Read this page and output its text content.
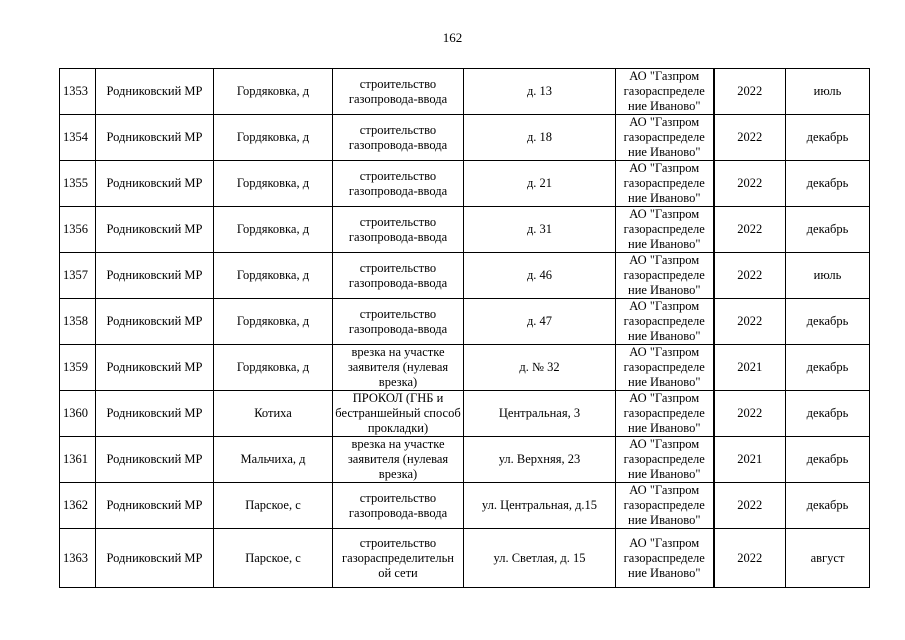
162
1353	Родниковский МР	Гордяковка, д	строительство газопровода-ввода	д. 13	АО "Газпром газораспределе ние Иваново"	2022	июль
1354	Родниковский МР	Гордяковка, д	строительство газопровода-ввода	д. 18	АО "Газпром газораспределе ние Иваново"	2022	декабрь
1355	Родниковский МР	Гордяковка, д	строительство газопровода-ввода	д. 21	АО "Газпром газораспределе ние Иваново"	2022	декабрь
1356	Родниковский МР	Гордяковка, д	строительство газопровода-ввода	д. 31	АО "Газпром газораспределе ние Иваново"	2022	декабрь
1357	Родниковский МР	Гордяковка, д	строительство газопровода-ввода	д. 46	АО "Газпром газораспределе ние Иваново"	2022	июль
1358	Родниковский МР	Гордяковка, д	строительство газопровода-ввода	д. 47	АО "Газпром газораспределе ние Иваново"	2022	декабрь
1359	Родниковский МР	Гордяковка, д	врезка на участке заявителя (нулевая врезка)	д. № 32	АО "Газпром газораспределе ние Иваново"	2021	декабрь
1360	Родниковский МР	Котиха	ПРОКОЛ (ГНБ и бестраншейный способ прокладки)	Центральная, 3	АО "Газпром газораспределе ние Иваново"	2022	декабрь
1361	Родниковский МР	Мальчиха, д	врезка на участке заявителя (нулевая врезка)	ул. Верхняя, 23	АО "Газпром газораспределе ние Иваново"	2021	декабрь
1362	Родниковский МР	Парское, с	строительство газопровода-ввода	ул. Центральная, д.15	АО "Газпром газораспределе ние Иваново"	2022	декабрь
1363	Родниковский МР	Парское, с	строительство газораспределительн ой сети	ул. Светлая, д. 15	АО "Газпром газораспределе ние Иваново"	2022	август
